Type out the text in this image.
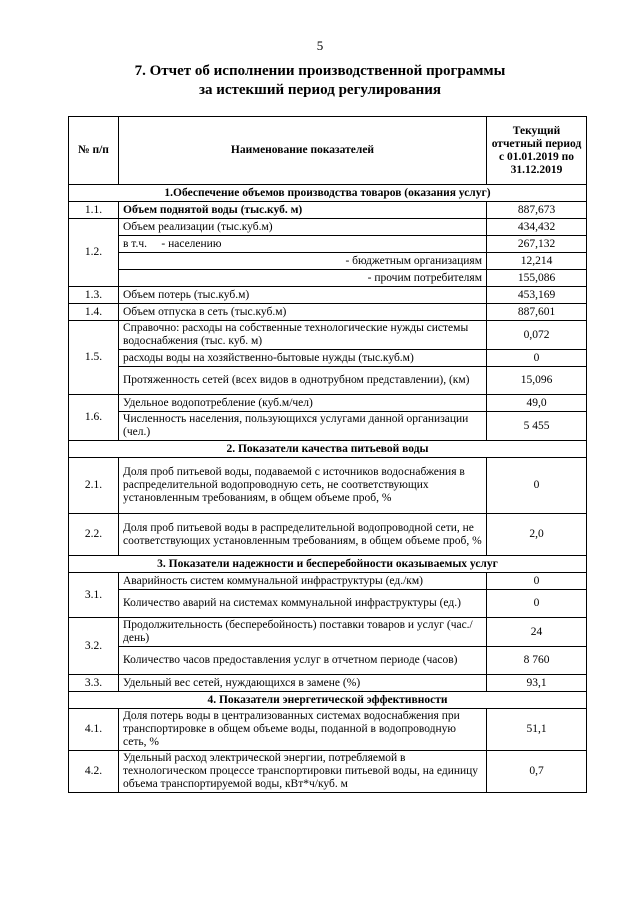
5
7. Отчет об исполнении производственной программы
за истекший период регулирования
№ п/п	Наименование показателей	Текущий отчетный период с 01.01.2019 по 31.12.2019
1.Обеспечение объемов производства товаров (оказания услуг)		
1.1.	Объем поднятой воды (тыс.куб. м)	887,673
1.2.	Объем реализации (тыс.куб.м)	434,432
	в т.ч.     - населению	267,132
	- бюджетным организациям	12,214
	- прочим потребителям	155,086
1.3.	Объем потерь (тыс.куб.м)	453,169
1.4.	Объем отпуска в сеть (тыс.куб.м)	887,601
1.5.	Справочно: расходы на собственные технологические нужды системы водоснабжения (тыс. куб. м)	0,072
	расходы воды на хозяйственно-бытовые нужды (тыс.куб.м)	0
	Протяженность сетей (всех видов в однотрубном представлении), (км)	15,096
1.6.	Удельное водопотребление (куб.м/чел)	49,0
	Численность населения, пользующихся услугами данной организации (чел.)	5 455
2. Показатели качества питьевой воды		
2.1.	Доля проб питьевой воды, подаваемой с источников водоснабжения в распределительной водопроводную сеть, не соответствующих установленным требованиям, в общем объеме проб, %	0
2.2.	Доля проб питьевой воды в распределительной водопроводной сети, не соответствующих установленным требованиям, в общем объеме проб, %	2,0
3. Показатели надежности и бесперебойности оказываемых услуг		
3.1.	Аварийность систем коммунальной инфраструктуры (ед./км)	0
	Количество аварий на системах коммунальной инфраструктуры (ед.)	0
3.2.	Продолжительность (бесперебойность) поставки товаров и услуг (час./день)	24
	Количество часов предоставления услуг в отчетном периоде (часов)	8 760
3.3.	Удельный вес сетей, нуждающихся в замене (%)	93,1
4. Показатели энергетической эффективности		
4.1.	Доля потерь воды в централизованных системах водоснабжения при транспортировке в общем объеме воды, поданной в водопроводную сеть, %	51,1
4.2.	Удельный расход электрической энергии, потребляемой в технологическом процессе транспортировки питьевой воды, на единицу объема транспортируемой воды, кВт*ч/куб. м	0,7
